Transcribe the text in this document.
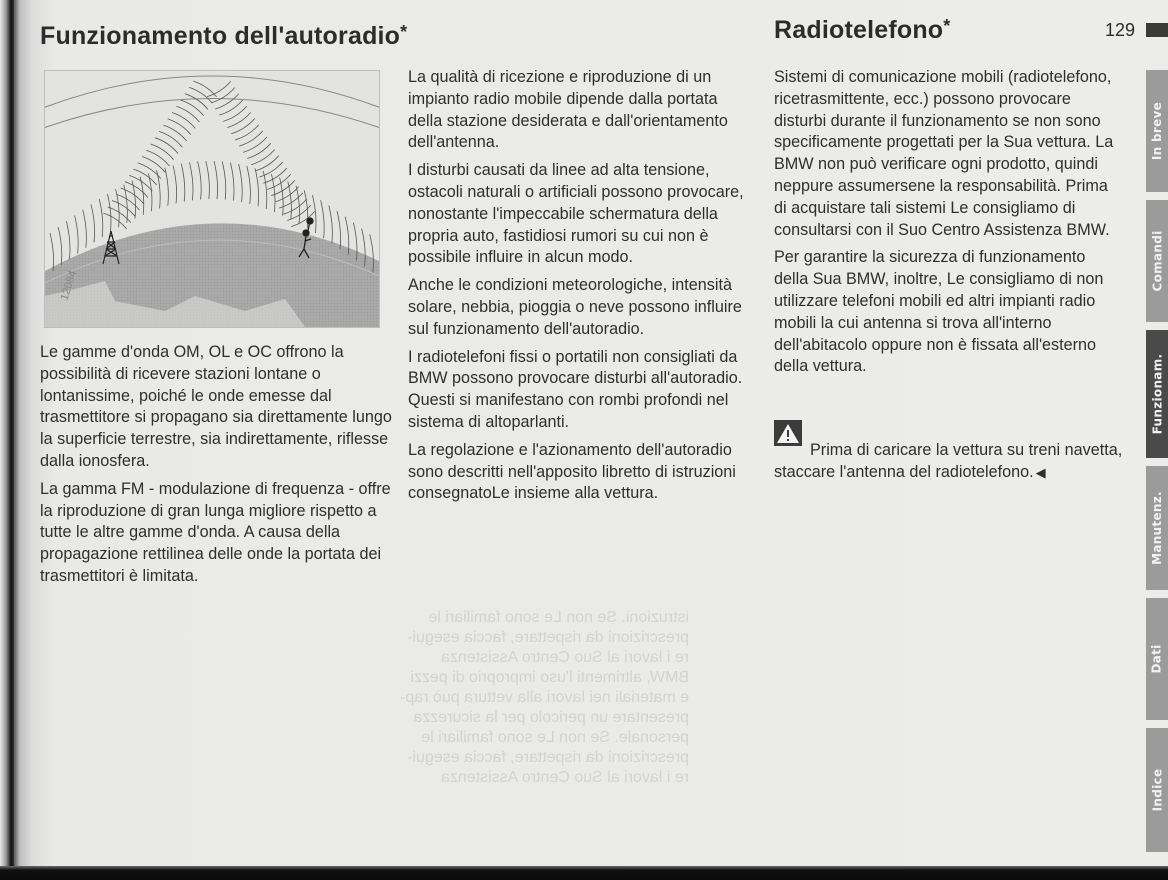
istruzioni. Se non Le sono familiari le
prescrizioni da rispettare, faccia esegui-
re i lavori al Suo Centro Assistenza
BMW, altrimenti l'uso improprio di pezzi
e materiali nei lavori alla vettura può rap-
presentare un pericolo per la sicurezza
personale. Se non Le sono familiari le
prescrizioni da rispettare, faccia esegui-
re i lavori al Suo Centro Assistenza
Funzionamento dell'autoradio*	Radiotelefono*	129
12084

Le gamme d'onda OM, OL e OC offrono la possibilità di ricevere stazioni lontane o lontanissime, poiché le onde emesse dal trasmettitore si propagano sia direttamente lungo la superficie terrestre, sia indirettamente, riflesse dalla ionosfera.

La gamma FM - modulazione di frequenza - offre la riproduzione di gran lunga migliore rispetto a tutte le altre gamme d'onda. A causa della propagazione rettilinea delle onde la portata dei trasmettitori è limitata.

La qualità di ricezione e riproduzione di un impianto radio mobile dipende dalla portata della stazione desiderata e dall'orientamento dell'antenna.

I disturbi causati da linee ad alta tensione, ostacoli naturali o artificiali possono provocare, nonostante l'impeccabile schermatura della propria auto, fastidiosi rumori su cui non è possibile influire in alcun modo.

Anche le condizioni meteorologiche, intensità solare, nebbia, pioggia o neve possono influire sul funzionamento dell'autoradio.

I radiotelefoni fissi o portatili non consigliati da BMW possono provocare disturbi all'autoradio. Questi si manifestano con rombi profondi nel sistema di altoparlanti.

La regolazione e l'azionamento dell'autoradio sono descritti nell'apposito libretto di istruzioni consegnatoLe insieme alla vettura.

Sistemi di comunicazione mobili (radiotelefono, ricetrasmittente, ecc.) possono provocare disturbi durante il funzionamento se non sono specificamente progettati per la Sua vettura. La BMW non può verificare ogni prodotto, quindi neppure assumersene la responsabilità. Prima di acquistare tali sistemi Le consigliamo di consultarsi con il Suo Centro Assistenza BMW.

Per garantire la sicurezza di funzionamento della Sua BMW, inoltre, Le consigliamo di non utilizzare telefoni mobili ed altri impianti radio mobili la cui antenna si trova all'interno dell'abitacolo oppure non è fissata all'esterno della vettura.

Prima di caricare la vettura su treni navetta, staccare l'antenna del radiotelefono. ◀

In breve
Comandi
Funzionam.
Manutenz.
Dati
Indice
